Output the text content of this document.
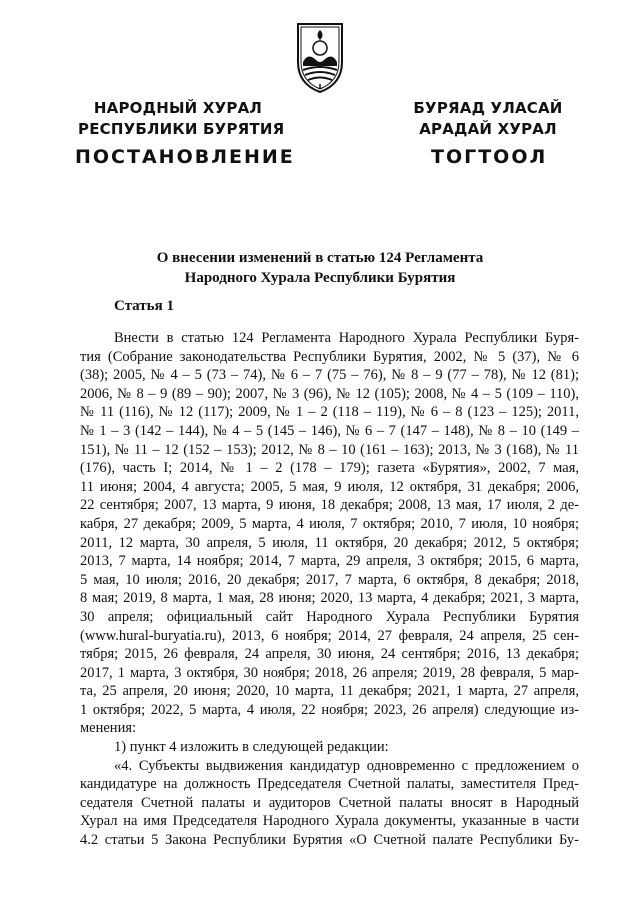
НАРОДНЫЙ ХУРАЛ
РЕСПУБЛИКИ БУРЯТИЯ
БУРЯАД УЛАСАЙ
АРАДАЙ ХУРАЛ
ПОСТАНОВЛЕНИЕ	ТОГТООЛ
О внесении изменений в статью 124 Регламента
Народного Хурала Республики Бурятия
Статья 1
Внести в статью 124 Регламента Народного Хурала Республики Буря-
тия (Собрание законодательства Республики Бурятия, 2002, № 5 (37), № 6
(38); 2005, № 4 – 5 (73 – 74), № 6 – 7 (75 – 76), № 8 – 9 (77 – 78), № 12 (81);
2006, № 8 – 9 (89 – 90); 2007, № 3 (96), № 12 (105); 2008, № 4 – 5 (109 – 110),
№ 11 (116), № 12 (117); 2009, № 1 – 2 (118 – 119), № 6 – 8 (123 – 125); 2011,
№ 1 – 3 (142 – 144), № 4 – 5 (145 – 146), № 6 – 7 (147 – 148), № 8 – 10 (149 –
151), № 11 – 12 (152 – 153); 2012, № 8 – 10 (161 – 163); 2013, № 3 (168), № 11
(176), часть I; 2014, № 1 – 2 (178 – 179); газета «Бурятия», 2002, 7 мая,
11 июня; 2004, 4 августа; 2005, 5 мая, 9 июля, 12 октября, 31 декабря; 2006,
22 сентября; 2007, 13 марта, 9 июня, 18 декабря; 2008, 13 мая, 17 июля, 2 де-
кабря, 27 декабря; 2009, 5 марта, 4 июля, 7 октября; 2010, 7 июля, 10 ноября;
2011, 12 марта, 30 апреля, 5 июля, 11 октября, 20 декабря; 2012, 5 октября;
2013, 7 марта, 14 ноября; 2014, 7 марта, 29 апреля, 3 октября; 2015, 6 марта,
5 мая, 10 июля; 2016, 20 декабря; 2017, 7 марта, 6 октября, 8 декабря; 2018,
8 мая; 2019, 8 марта, 1 мая, 28 июня; 2020, 13 марта, 4 декабря; 2021, 3 марта,
30 апреля; официальный сайт Народного Хурала Республики Бурятия
(www.hural-buryatia.ru), 2013, 6 ноября; 2014, 27 февраля, 24 апреля, 25 сен-
тября; 2015, 26 февраля, 24 апреля, 30 июня, 24 сентября; 2016, 13 декабря;
2017, 1 марта, 3 октября, 30 ноября; 2018, 26 апреля; 2019, 28 февраля, 5 мар-
та, 25 апреля, 20 июня; 2020, 10 марта, 11 декабря; 2021, 1 марта, 27 апреля,
1 октября; 2022, 5 марта, 4 июля, 22 ноября; 2023, 26 апреля) следующие из-
менения:
1) пункт 4 изложить в следующей редакции:
«4. Субъекты выдвижения кандидатур одновременно с предложением о
кандидатуре на должность Председателя Счетной палаты, заместителя Пред-
седателя Счетной палаты и аудиторов Счетной палаты вносят в Народный
Хурал на имя Председателя Народного Хурала документы, указанные в части
4.2 статьи 5 Закона Республики Бурятия «О Счетной палате Республики Бу-
